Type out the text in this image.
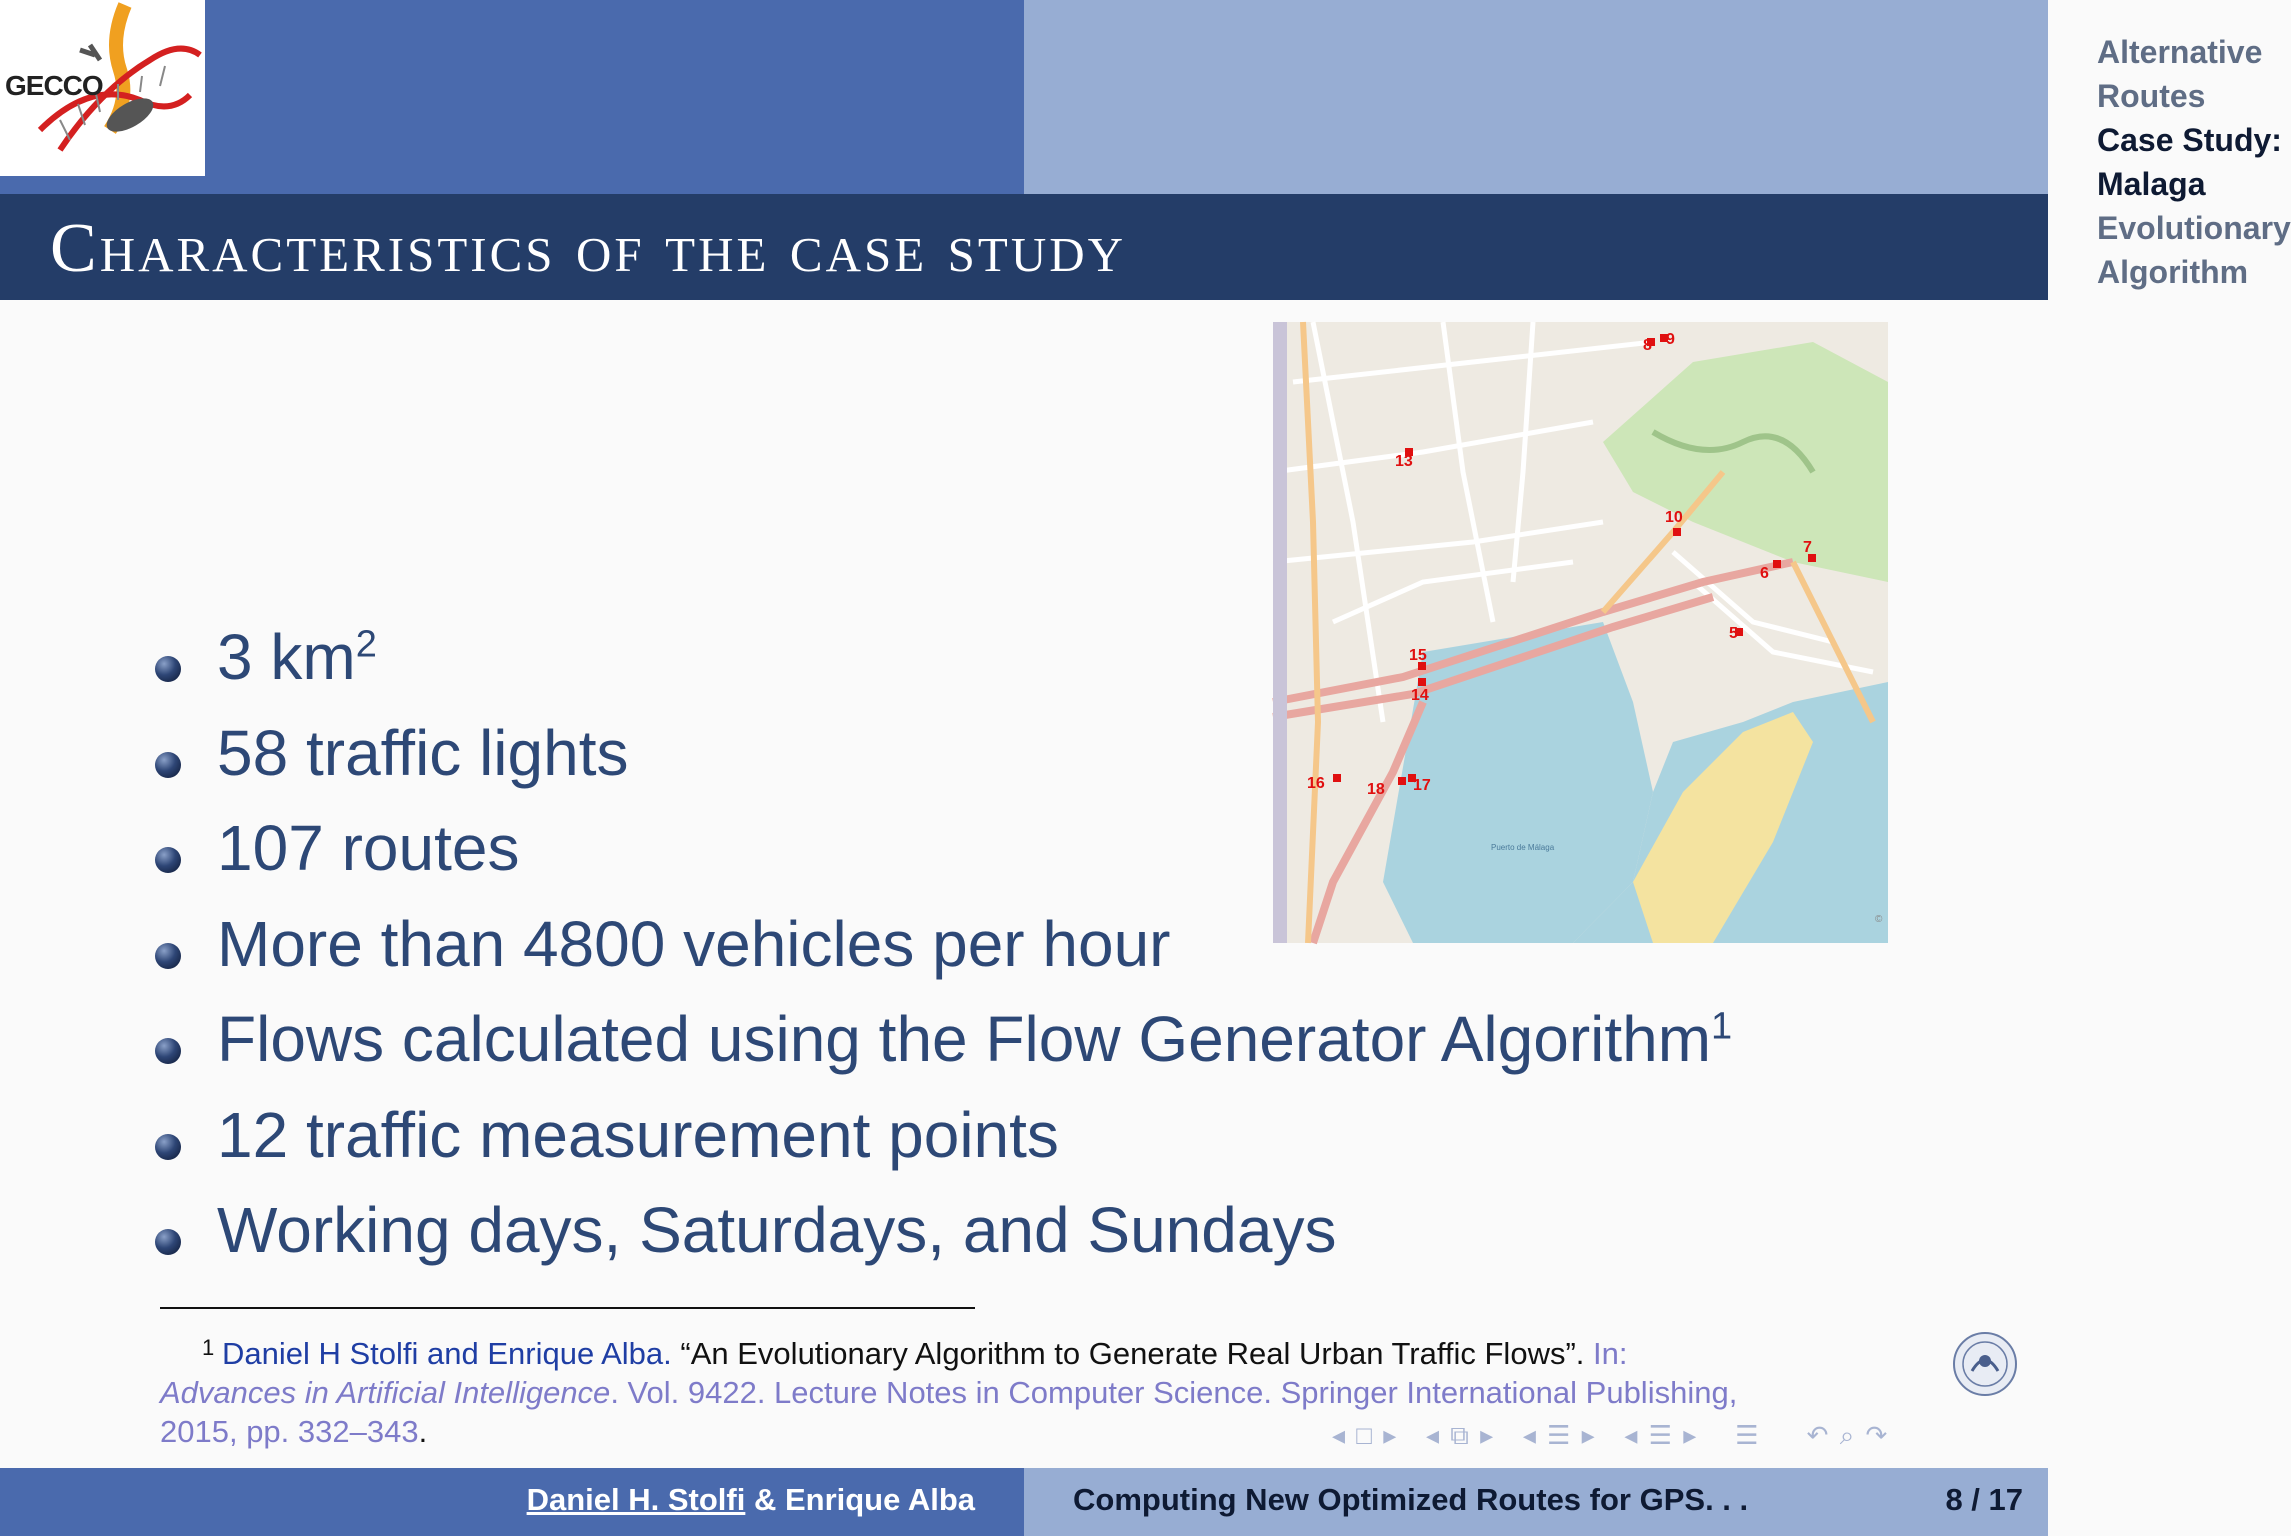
GECCO
Alternative Routes
Case Study: Malaga
Evolutionary Algorithm
Characteristics of the case study
3 $km^2$
58 traffic lights
107 routes
More than 4800 vehicles per hour
Flows calculated using the Flow Generator Algorithm$^1$
12 traffic measurement points
Working days, Saturdays, and Sundays
8 9
13
10
7
6
5
15
14
16	18 17
Puerto de Málaga
©
1 Daniel H Stolfi and Enrique Alba. “An Evolutionary Algorithm to Generate Real Urban Traffic Flows”. In:
Advances in Artificial Intelligence. Vol. 9422. Lecture Notes in Computer Science. Springer International Publishing,
2015, pp. 332–343.	◂ □ ▸ ◂ ⧉ ▸ ◂ ☰ ▸ ◂ ☰ ▸ ☰ ↶ ⌕ ↷
Daniel H. Stolfi & Enrique Alba	Computing New Optimized Routes for GPS. . .	8 / 17
